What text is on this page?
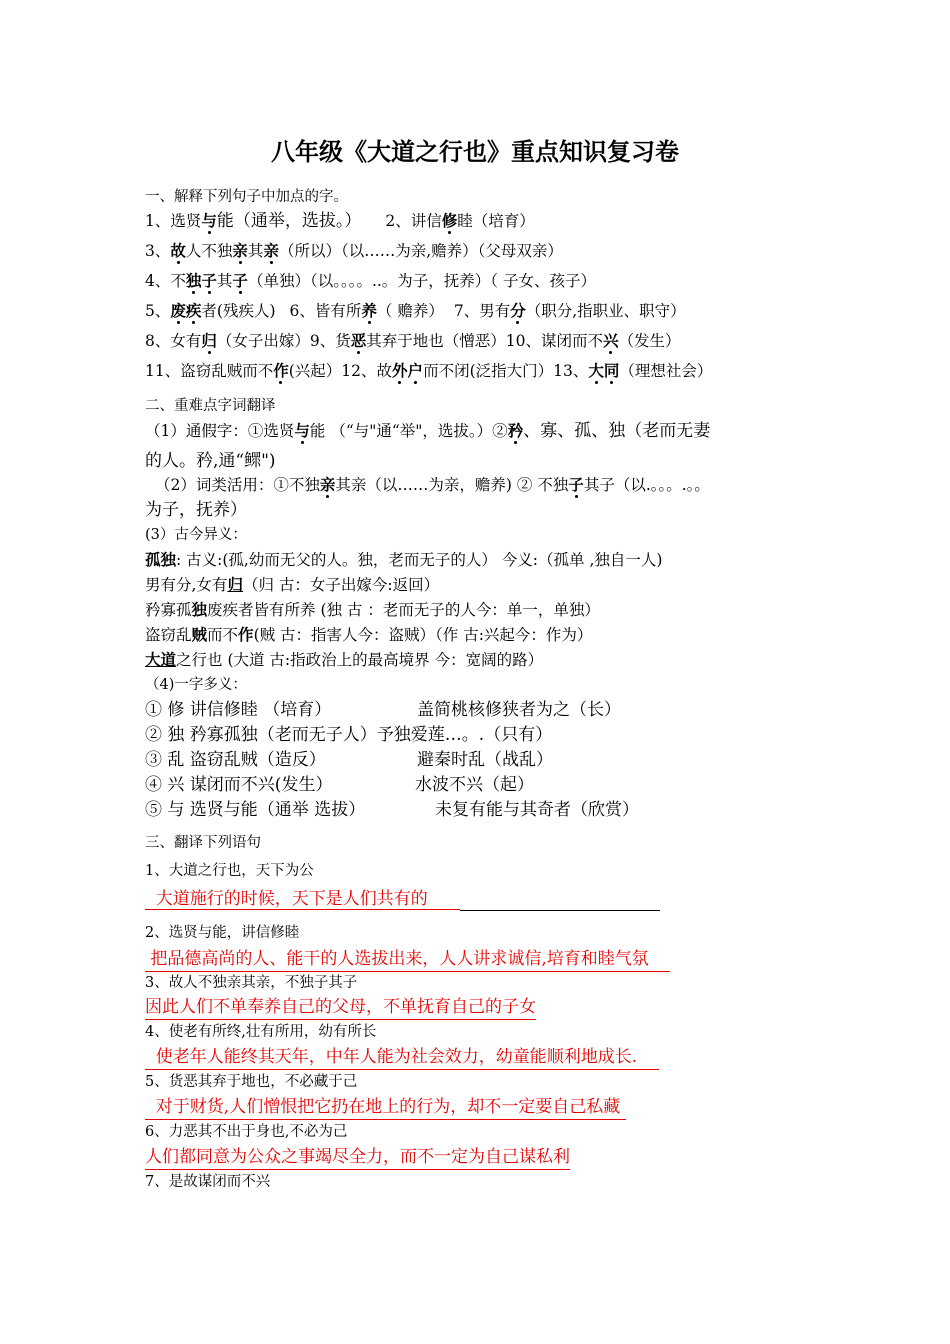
八年级《大道之行也》重点知识复习卷
一、解释下列句子中加点的字。
1、选贤与能（通举，选拔。） 2、讲信修睦（培育）
3、故人不独亲其亲（所以）（以……为亲,赡养）（父母双亲）
4、不独子其子（单独）（以。。。。..。为子，抚养）（ 子女、孩子）
5、废疾者(残疾人) 6、皆有所养（ 赡养） 7、男有分（职分,指职业、职守）
8、女有归（女子出嫁）9、货恶其弃于地也（憎恶）10、谋闭而不兴（发生）
11、盗窃乱贼而不作(兴起）12、故外户而不闭(泛指大门）13、大同（理想社会）
二、重难点字词翻译
（1）通假字：①选贤与能 （“与"通“举"，选拔。）②矜、寡、孤、独（老而无妻
的人。矜,通“鳏")
（2）词类活用：①不独亲其亲（以……为亲，赡养) ② 不独子其子（以.。。。.。。
为子，抚养）
(3）古今异义：
孤独: 古义:(孤,幼而无父的人。独，老而无子的人） 今义:（孤单 ,独自一人)
男有分,女有归（归 古：女子出嫁今:返回）
矜寡孤独废疾者皆有所养 (独 古 ：老而无子的人今：单一，单独）
盗窃乱贼而不作(贼 古：指害人今：盗贼）（作 古:兴起今：作为）
大道之行也 (大道 古:指政治上的最高境界 今：宽阔的路）
（4)一字多义：
① 修 讲信修睦 （培育）	盖简桃核修狭者为之（长）
② 独 矜寡孤独（老而无子人）予独爱莲…。.（只有）
③ 乱 盗窃乱贼（造反）	避秦时乱（战乱）
④ 兴 谋闭而不兴(发生）	水波不兴（起）
⑤ 与 选贤与能（通举 选拔）	未复有能与其奇者（欣赏）
三、翻译下列语句
1、大道之行也，天下为公
大道施行的时候，天下是人们共有的
2、选贤与能，讲信修睦
把品德高尚的人、能干的人选拔出来，人人讲求诚信,培育和睦气氛
3、故人不独亲其亲，不独子其子
因此人们不单奉养自己的父母，不单抚育自己的子女
4、使老有所终,壮有所用，幼有所长
使老年人能终其天年，中年人能为社会效力，幼童能顺利地成长.
5、货恶其弃于地也，不必藏于己
对于财货,人们憎恨把它扔在地上的行为，却不一定要自己私藏
6、力恶其不出于身也,不必为己
人们都同意为公众之事竭尽全力，而不一定为自己谋私利
7、是故谋闭而不兴
